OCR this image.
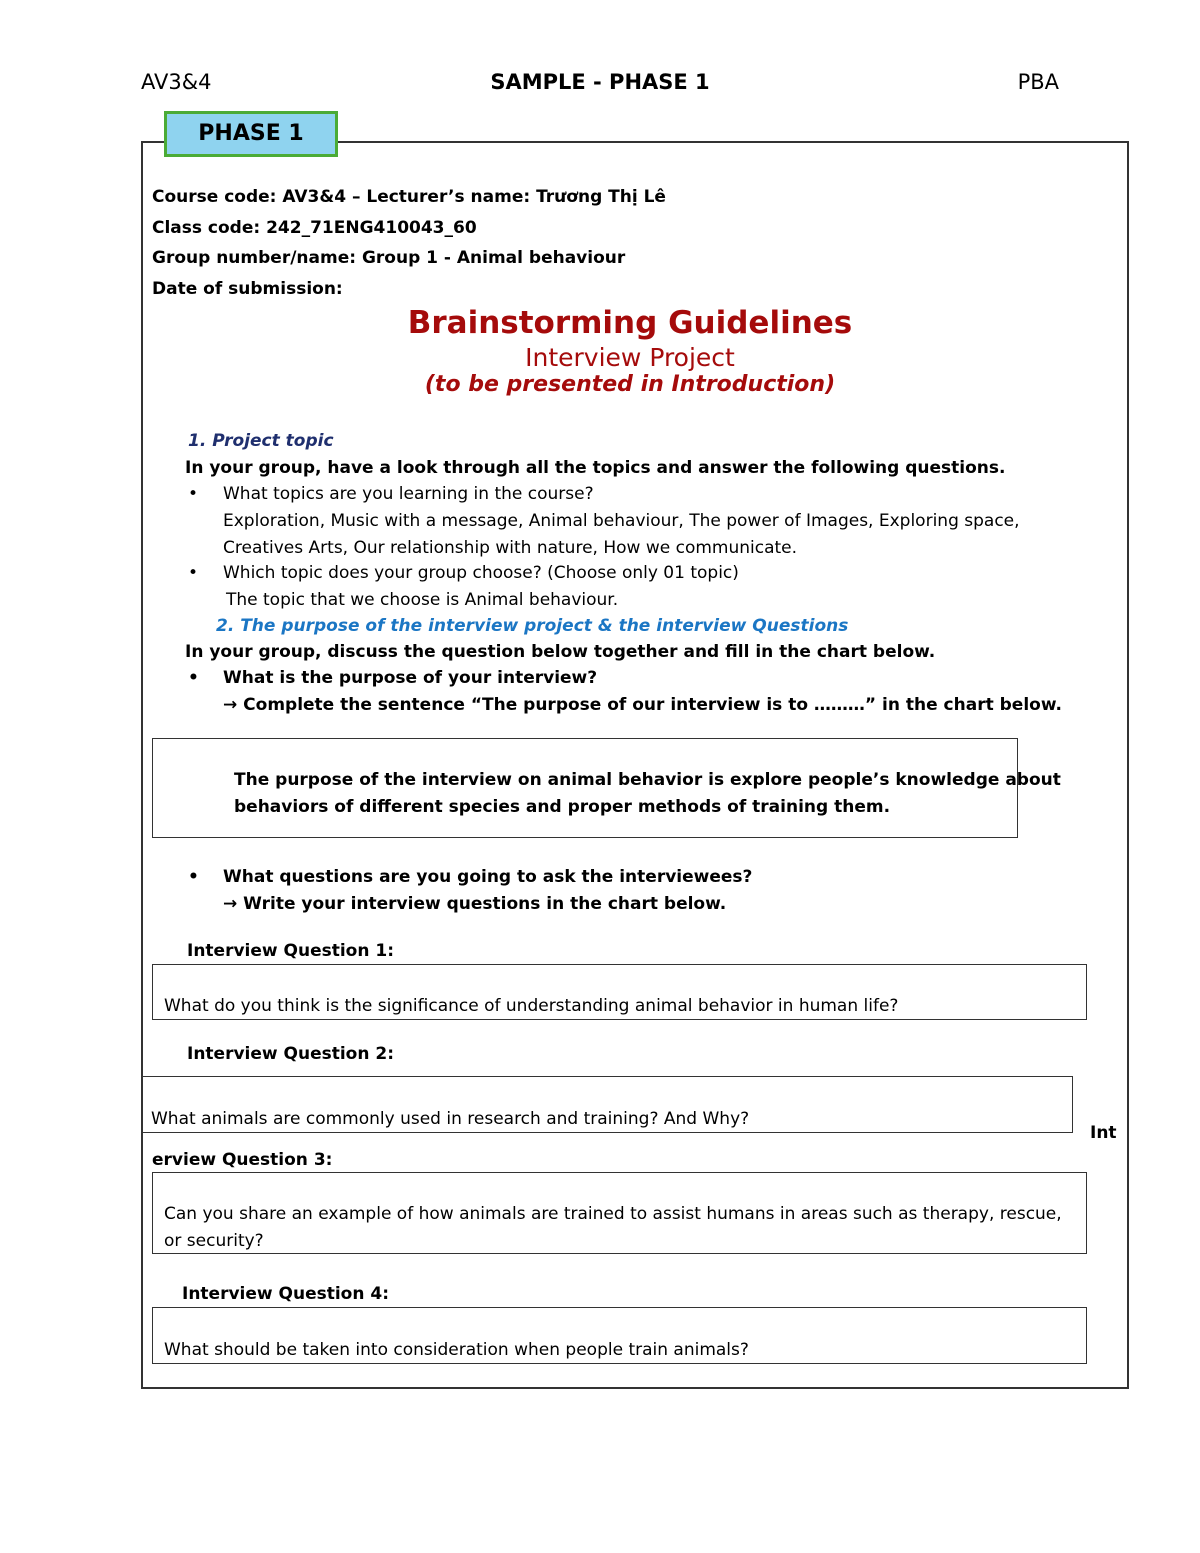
AV3&4	SAMPLE - PHASE 1	PBA
PHASE 1
Course code: AV3&4 – Lecturer’s name: Trương Thị Lê
Class code: 242_71ENG410043_60
Group number/name: Group 1 - Animal behaviour
Date of submission:
Brainstorming Guidelines
Interview Project
(to be presented in Introduction)
1. Project topic
In your group, have a look through all the topics and answer the following questions.
• What topics are you learning in the course?
Exploration, Music with a message, Animal behaviour, The power of Images, Exploring space,
Creatives Arts, Our relationship with nature, How we communicate.
• Which topic does your group choose? (Choose only 01 topic)
The topic that we choose is Animal behaviour.
2. The purpose of the interview project & the interview Questions
In your group, discuss the question below together and fill in the chart below.
• What is the purpose of your interview?
→ Complete the sentence “The purpose of our interview is to ………” in the chart below.
The purpose of the interview on animal behavior is explore people’s knowledge about
behaviors of different species and proper methods of training them.
• What questions are you going to ask the interviewees?
→ Write your interview questions in the chart below.
Interview Question 1:
What do you think is the significance of understanding animal behavior in human life?
Interview Question 2:
What animals are commonly used in research and training? And Why?
Int
erview Question 3:
Can you share an example of how animals are trained to assist humans in areas such as therapy, rescue,
or security?
Interview Question 4:
What should be taken into consideration when people train animals?
